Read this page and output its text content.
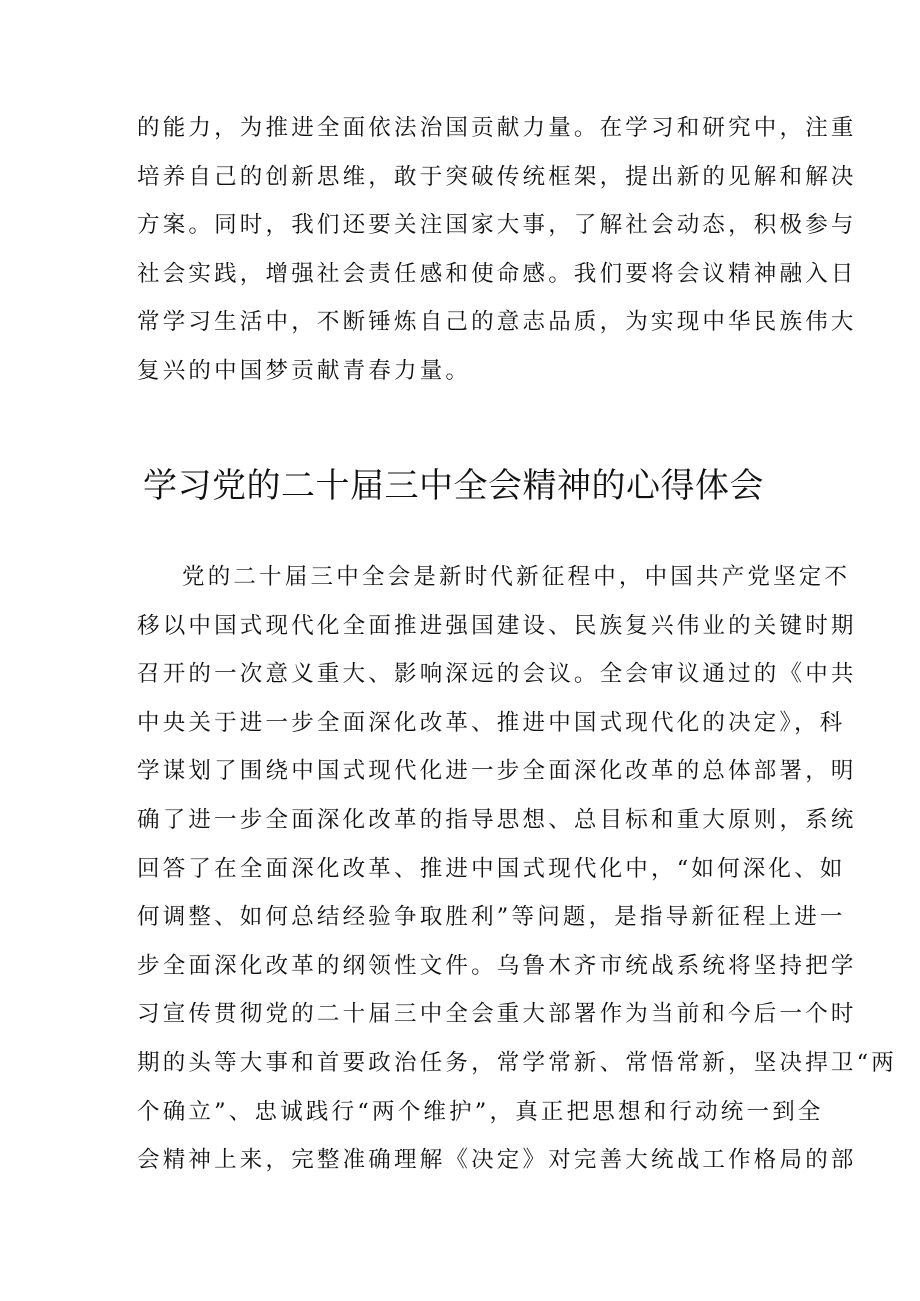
的能力，为推进全面依法治国贡献力量。在学习和研究中，注重
培养自己的创新思维，敢于突破传统框架，提出新的见解和解决
方案。同时，我们还要关注国家大事，了解社会动态，积极参与
社会实践，增强社会责任感和使命感。我们要将会议精神融入日
常学习生活中，不断锤炼自己的意志品质，为实现中华民族伟大
复兴的中国梦贡献青春力量。
学习党的二十届三中全会精神的心得体会
党的二十届三中全会是新时代新征程中，中国共产党坚定不
移以中国式现代化全面推进强国建设、民族复兴伟业的关键时期
召开的一次意义重大、影响深远的会议。全会审议通过的《中共
中央关于进一步全面深化改革、推进中国式现代化的决定》，科
学谋划了围绕中国式现代化进一步全面深化改革的总体部署，明
确了进一步全面深化改革的指导思想、总目标和重大原则，系统
回答了在全面深化改革、推进中国式现代化中，“如何深化、如
何调整、如何总结经验争取胜利”等问题，是指导新征程上进一
步全面深化改革的纲领性文件。乌鲁木齐市统战系统将坚持把学
习宣传贯彻党的二十届三中全会重大部署作为当前和今后一个时
期的头等大事和首要政治任务，常学常新、常悟常新，坚决捍卫“两
个确立”、忠诚践行“两个维护”，真正把思想和行动统一到全
会精神上来，完整准确理解《决定》对完善大统战工作格局的部
